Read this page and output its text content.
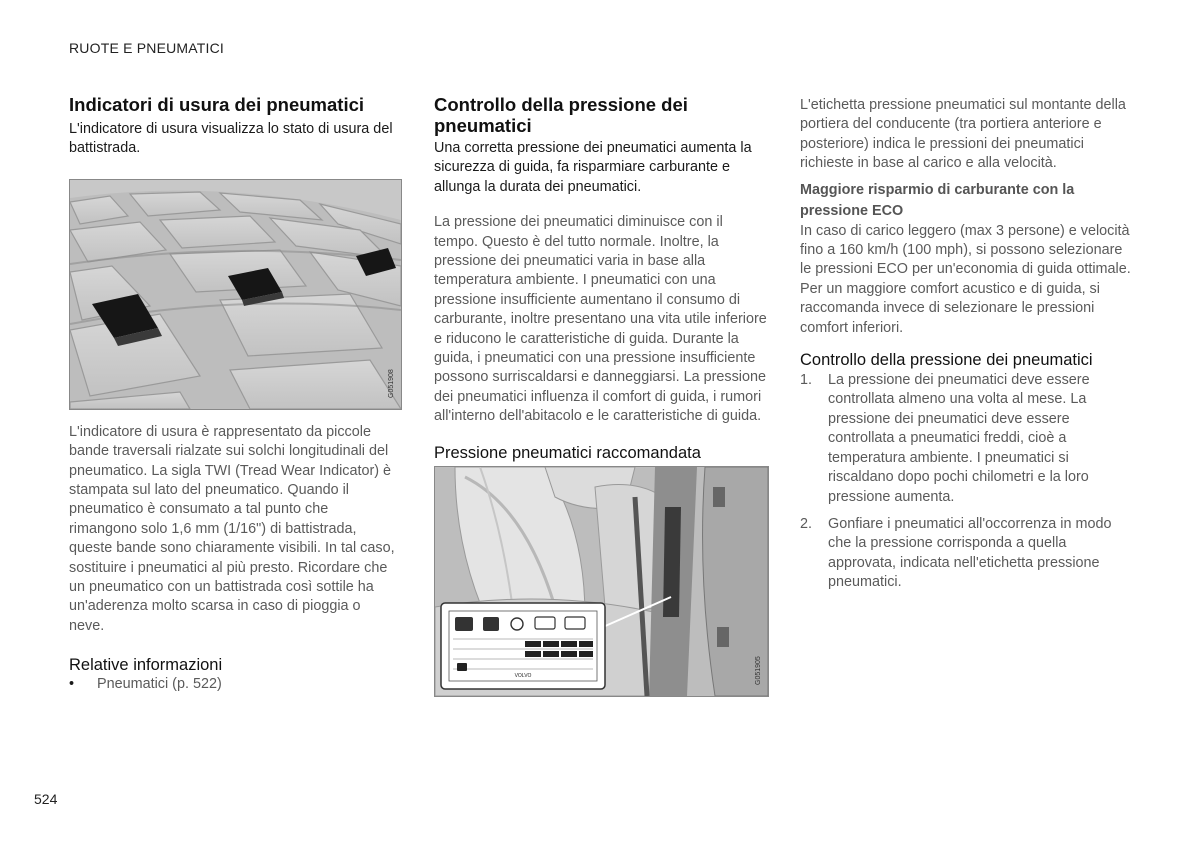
RUOTE E PNEUMATICI
Indicatori di usura dei pneumatici

L'indicatore di usura visualizza lo stato di usura del battistrada.

G051908

L'indicatore di usura è rappresentato da piccole bande traversali rialzate sui solchi longitudinali del pneumatico. La sigla TWI (Tread Wear Indicator) è stampata sul lato del pneumatico. Quando il pneumatico è consumato a tal punto che rimangono solo 1,6 mm (1/16") di battistrada, queste bande sono chiaramente visibili. In tal caso, sostituire i pneumatici al più presto. Ricordare che un pneumatico con un battistrada così sottile ha un'aderenza molto scarsa in caso di pioggia o neve.

Relative informazioni
•	Pneumatici (p. 522)
Controllo della pressione dei pneumatici

Una corretta pressione dei pneumatici aumenta la sicurezza di guida, fa risparmiare carburante e allunga la durata dei pneumatici.

La pressione dei pneumatici diminuisce con il tempo. Questo è del tutto normale. Inoltre, la pressione dei pneumatici varia in base alla temperatura ambiente. I pneumatici con una pressione insufficiente aumentano il consumo di carburante, inoltre presentano una vita utile inferiore e riducono le caratteristiche di guida. Durante la guida, i pneumatici con una pressione insufficiente possono surriscaldarsi e danneggiarsi. La pressione dei pneumatici influenza il comfort di guida, i rumori all'interno dell'abitacolo e le caratteristiche di guida.

Pressione pneumatici raccomandata
VOLVO	G051905

L'etichetta pressione pneumatici sul montante della portiera del conducente (tra portiera anteriore e posteriore) indica le pressioni dei pneumatici richieste in base al carico e alla velocità.

Maggiore risparmio di carburante con la pressione ECO

In caso di carico leggero (max 3 persone) e velocità fino a 160 km/h (100 mph), si possono selezionare le pressioni ECO per un'economia di guida ottimale. Per un maggiore comfort acustico e di guida, si raccomanda invece di selezionare le pressioni comfort inferiori.

Controllo della pressione dei pneumatici
1.	La pressione dei pneumatici deve essere controllata almeno una volta al mese. La pressione dei pneumatici deve essere controllata a pneumatici freddi, cioè a temperatura ambiente. I pneumatici si riscaldano dopo pochi chilometri e la loro pressione aumenta.
2.	Gonfiare i pneumatici all'occorrenza in modo che la pressione corrisponda a quella approvata, indicata nell'etichetta pressione pneumatici.
524
